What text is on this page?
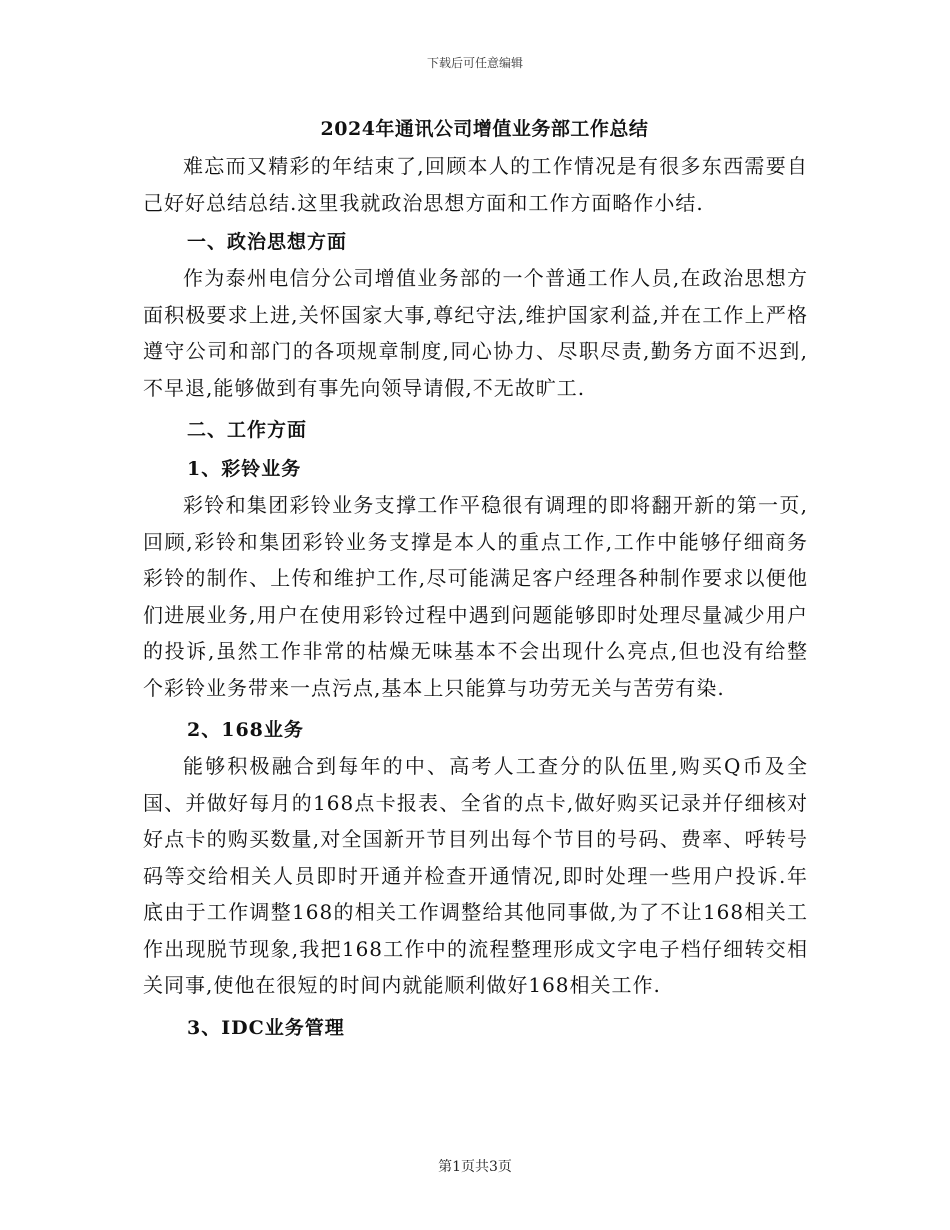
下载后可任意编辑
2024年通讯公司增值业务部工作总结

难忘而又精彩的年结束了,回顾本人的工作情况是有很多东西需要自己好好总结总结.这里我就政治思想方面和工作方面略作小结.

一、政治思想方面

作为泰州电信分公司增值业务部的一个普通工作人员,在政治思想方面积极要求上进,关怀国家大事,尊纪守法,维护国家利益,并在工作上严格遵守公司和部门的各项规章制度,同心协力、尽职尽责,勤务方面不迟到,不早退,能够做到有事先向领导请假,不无故旷工.

二、工作方面
1、彩铃业务

彩铃和集团彩铃业务支撑工作平稳很有调理的即将翻开新的第一页,回顾,彩铃和集团彩铃业务支撑是本人的重点工作,工作中能够仔细商务彩铃的制作、上传和维护工作,尽可能满足客户经理各种制作要求以便他们进展业务,用户在使用彩铃过程中遇到问题能够即时处理尽量减少用户的投诉,虽然工作非常的枯燥无味基本不会出现什么亮点,但也没有给整个彩铃业务带来一点污点,基本上只能算与功劳无关与苦劳有染.

2、168业务

能够积极融合到每年的中、高考人工查分的队伍里,购买Q币及全国、并做好每月的168点卡报表、全省的点卡,做好购买记录并仔细核对好点卡的购买数量,对全国新开节目列出每个节目的号码、费率、呼转号码等交给相关人员即时开通并检查开通情况,即时处理一些用户投诉.年底由于工作调整168的相关工作调整给其他同事做,为了不让168相关工作出现脱节现象,我把168工作中的流程整理形成文字电子档仔细转交相关同事,使他在很短的时间内就能顺利做好168相关工作.

3、IDC业务管理
第1页共3页
